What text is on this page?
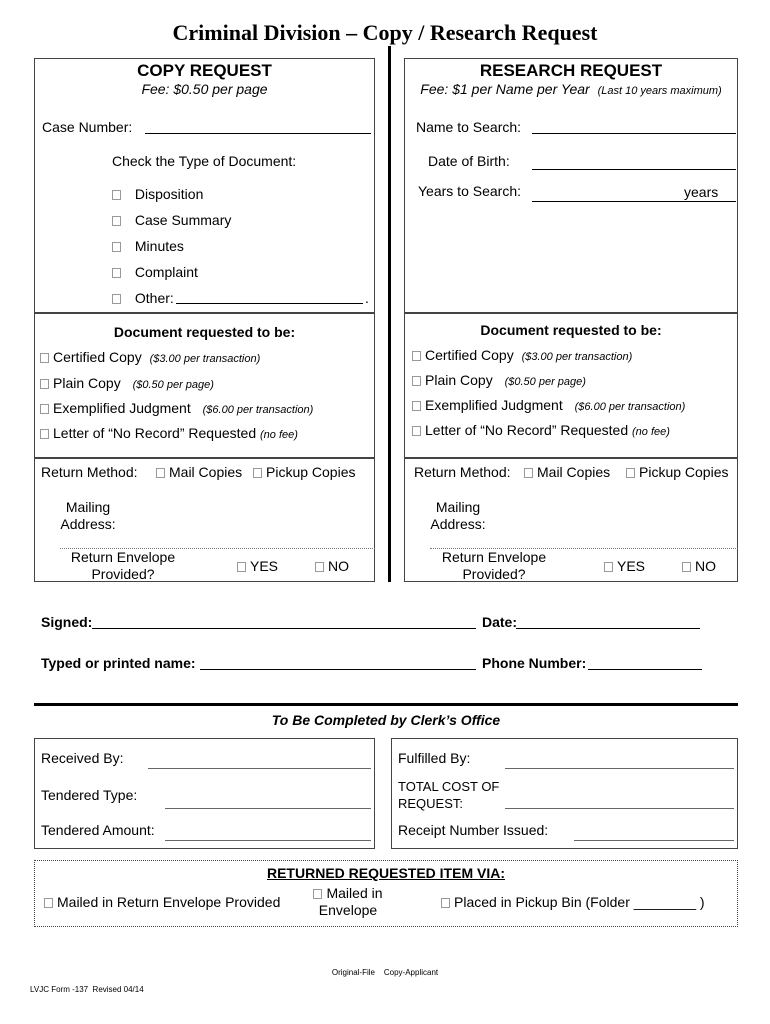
Criminal Division – Copy / Research Request
COPY REQUEST
Fee: $0.50 per page
Case Number:
Check the Type of Document:
Disposition
Case Summary
Minutes
Complaint
Other:	.
Document requested to be:
Certified Copy ($3.00 per transaction)
Plain Copy ($0.50 per page)
Exemplified Judgment ($6.00 per transaction)
Letter of “No Record” Requested (no fee)
Return Method:	Mail Copies	Pickup Copies
Mailing
Address:
Return Envelope
Provided?	YES	NO
RESEARCH REQUEST
Fee: $1 per Name per Year (Last 10 years maximum)
Name to Search:
Date of Birth:
Years to Search:	years
Document requested to be:
Certified Copy ($3.00 per transaction)
Plain Copy ($0.50 per page)
Exemplified Judgment ($6.00 per transaction)
Letter of “No Record” Requested (no fee)
Return Method:	Mail Copies	Pickup Copies
Mailing
Address:
Return Envelope
Provided?	YES	NO
Signed:	Date:
Typed or printed name:	Phone Number:
To Be Completed by Clerk’s Office
Received By:
Tendered Type:
Tendered Amount:
Fulfilled By:
TOTAL COST OF
REQUEST:
Receipt Number Issued:
RETURNED REQUESTED ITEM VIA:
Mailed in Return Envelope Provided
Mailed in
Envelope	Placed in Pickup Bin (Folder ________ )
Original-File    Copy-Applicant
LVJC Form -137  Revised 04/14
